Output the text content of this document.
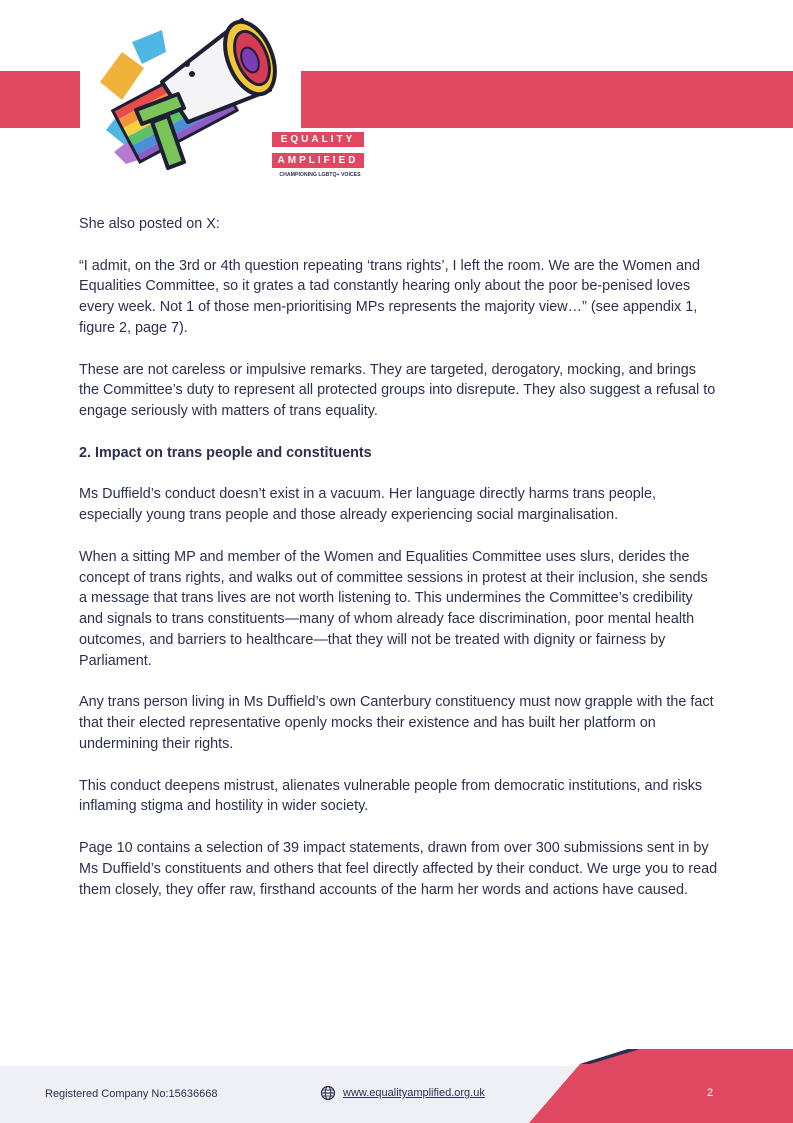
EQUALITY
AMPLIFIED
CHAMPIONING LGBTQ+ VOICES

She also posted on X:

“I admit, on the 3rd or 4th question repeating ‘trans rights’, I left the room. We are the Women and Equalities Committee, so it grates a tad constantly hearing only about the poor be-penised loves every week. Not 1 of those men-prioritising MPs represents the majority view…” (see appendix 1, figure 2, page 7).

These are not careless or impulsive remarks. They are targeted, derogatory, mocking, and brings the Committee’s duty to represent all protected groups into disrepute. They also suggest a refusal to engage seriously with matters of trans equality.

2. Impact on trans people and constituents

Ms Duffield’s conduct doesn’t exist in a vacuum. Her language directly harms trans people, especially young trans people and those already experiencing social marginalisation.

When a sitting MP and member of the Women and Equalities Committee uses slurs, derides the concept of trans rights, and walks out of committee sessions in protest at their inclusion, she sends a message that trans lives are not worth listening to. This undermines the Committee’s credibility and signals to trans constituents—many of whom already face discrimination, poor mental health outcomes, and barriers to healthcare—that they will not be treated with dignity or fairness by Parliament.

Any trans person living in Ms Duffield’s own Canterbury constituency must now grapple with the fact that their elected representative openly mocks their existence and has built her platform on undermining their rights.

This conduct deepens mistrust, alienates vulnerable people from democratic institutions, and risks inflaming stigma and hostility in wider society.

Page 10 contains a selection of 39 impact statements, drawn from over 300 submissions sent in by Ms Duffield’s constituents and others that feel directly affected by their conduct. We urge you to read them closely, they offer raw, firsthand accounts of the harm her words and actions have caused.

Registered Company No:15636668	www.equalityamplified.org.uk	2
